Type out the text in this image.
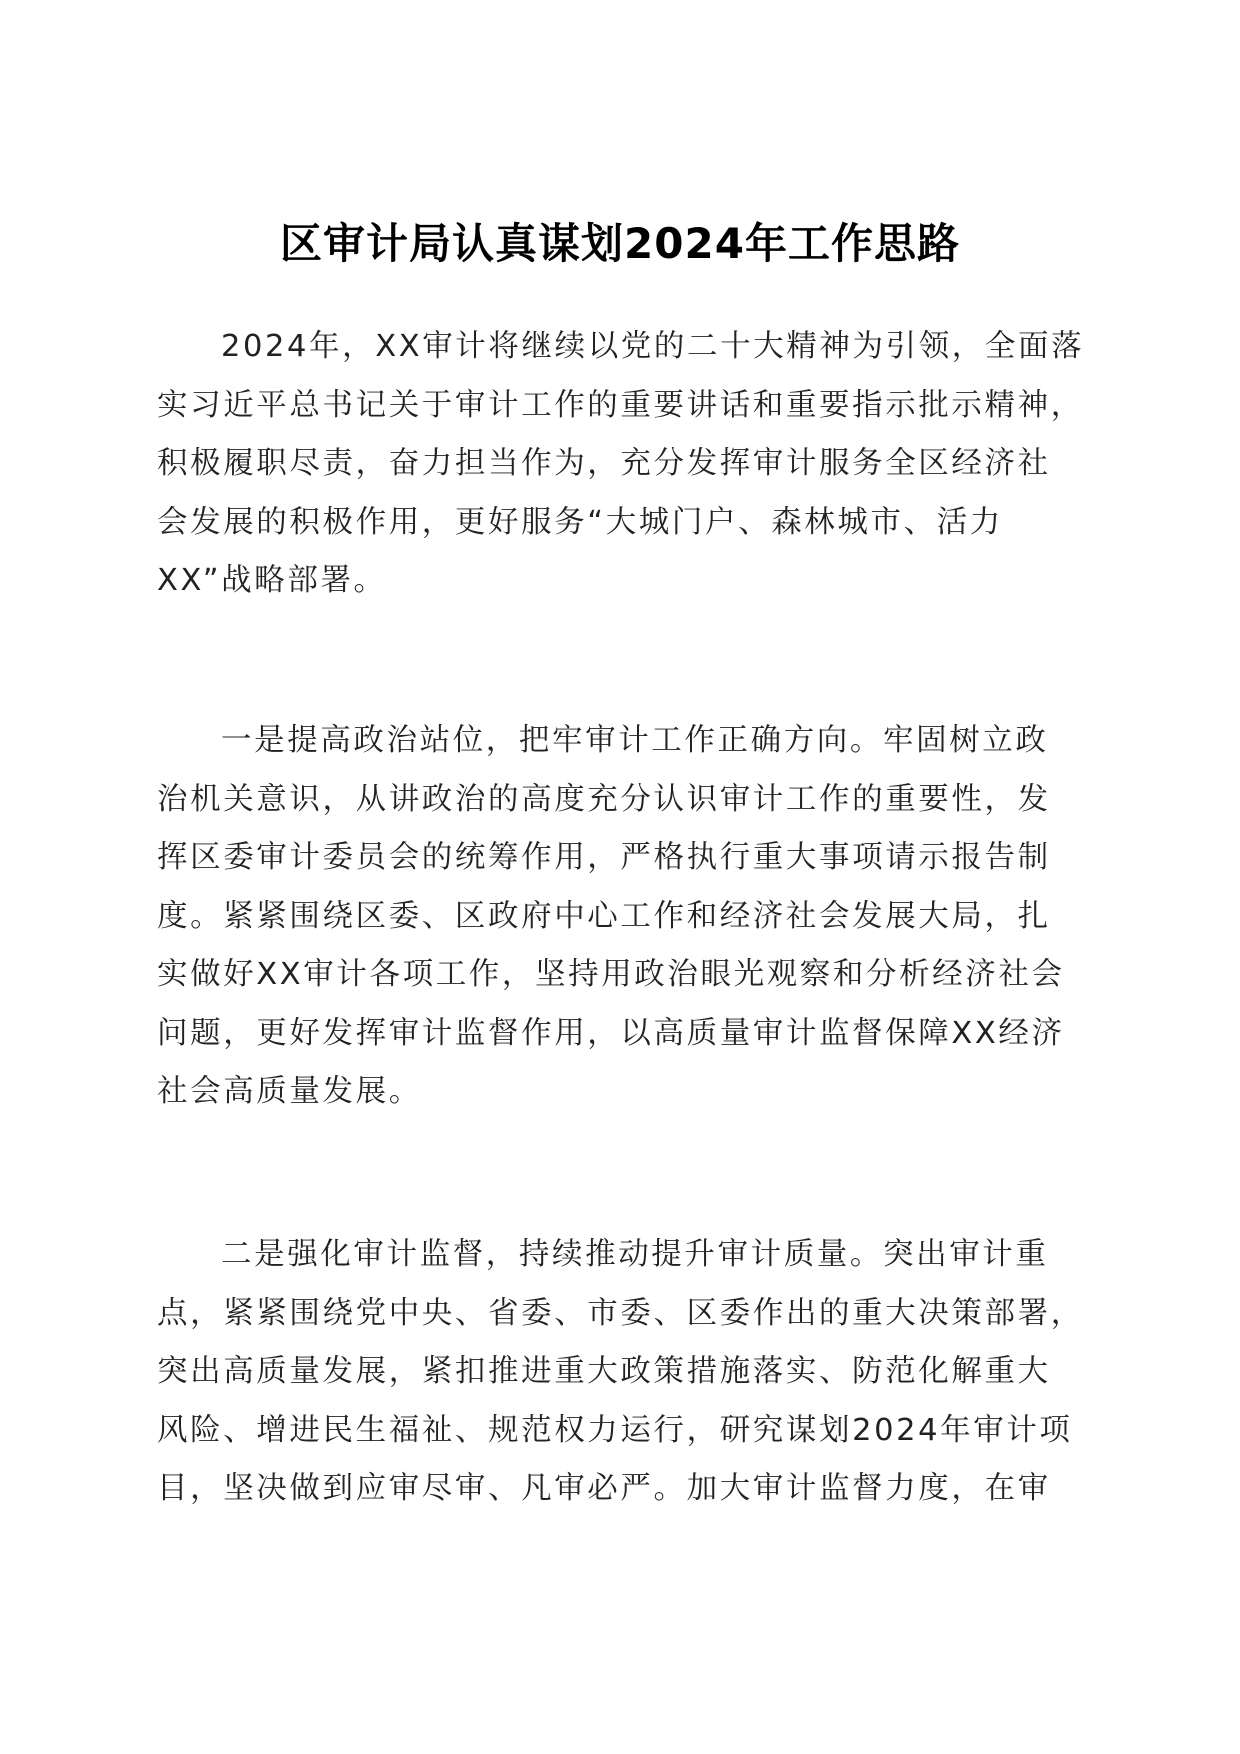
区审计局认真谋划2024年工作思路
2024年，XX审计将继续以党的二十大精神为引领，全面落
实习近平总书记关于审计工作的重要讲话和重要指示批示精神，
积极履职尽责，奋力担当作为，充分发挥审计服务全区经济社
会发展的积极作用，更好服务“大城门户、森林城市、活力
XX”战略部署。
一是提高政治站位，把牢审计工作正确方向。牢固树立政
治机关意识，从讲政治的高度充分认识审计工作的重要性，发
挥区委审计委员会的统筹作用，严格执行重大事项请示报告制
度。紧紧围绕区委、区政府中心工作和经济社会发展大局，扎
实做好XX审计各项工作，坚持用政治眼光观察和分析经济社会
问题，更好发挥审计监督作用，以高质量审计监督保障XX经济
社会高质量发展。
二是强化审计监督，持续推动提升审计质量。突出审计重
点，紧紧围绕党中央、省委、市委、区委作出的重大决策部署，
突出高质量发展，紧扣推进重大政策措施落实、防范化解重大
风险、增进民生福祉、规范权力运行，研究谋划2024年审计项
目，坚决做到应审尽审、凡审必严。加大审计监督力度，在审
